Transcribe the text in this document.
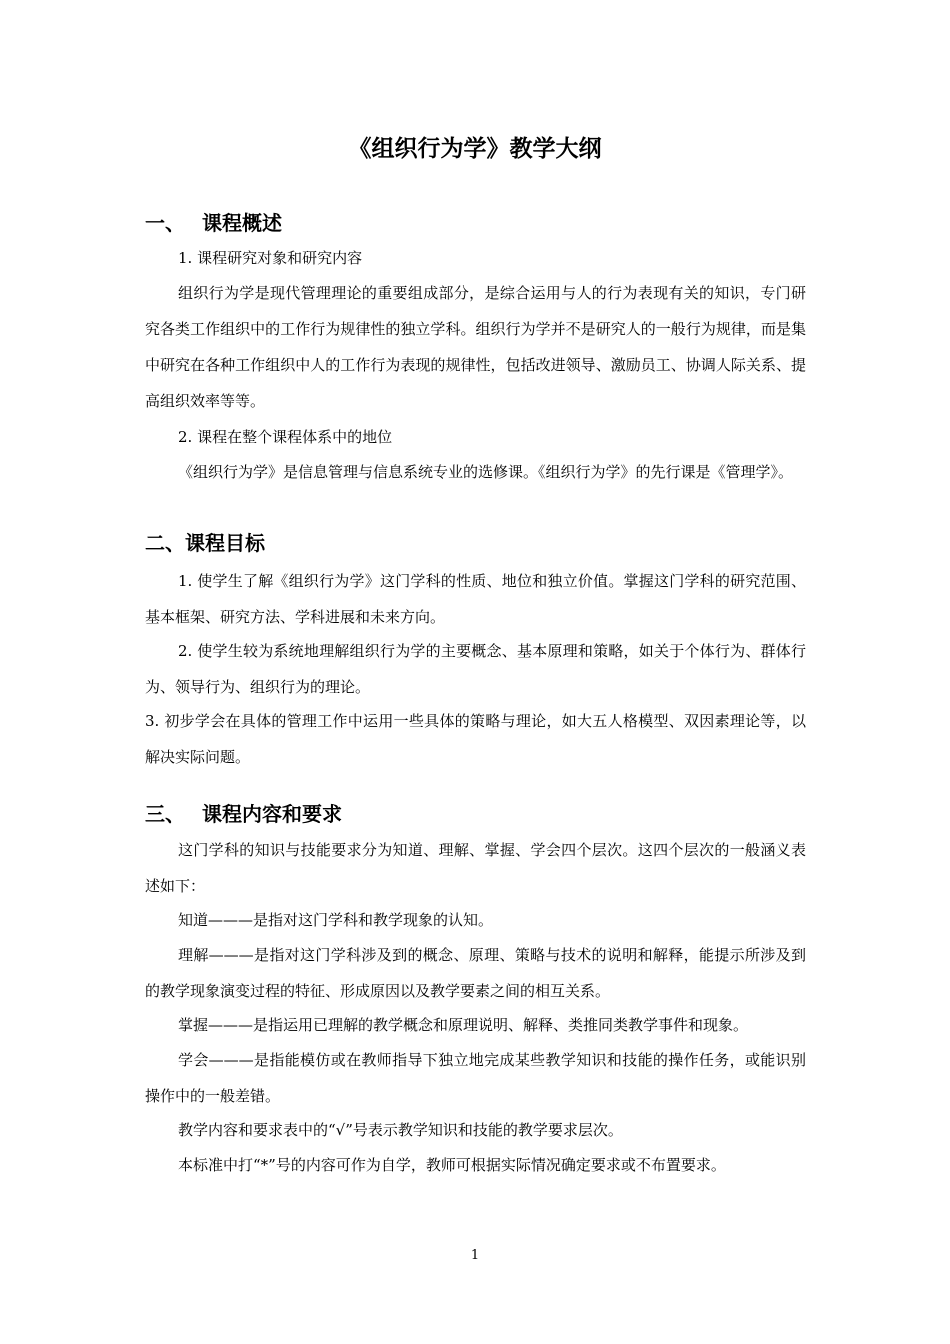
《组织行为学》教学大纲
一、 课程概述

1. 课程研究对象和研究内容

组织行为学是现代管理理论的重要组成部分，是综合运用与人的行为表现有关的知识，专门研究各类工作组织中的工作行为规律性的独立学科。组织行为学并不是研究人的一般行为规律，而是集中研究在各种工作组织中人的工作行为表现的规律性，包括改进领导、激励员工、协调人际关系、提高组织效率等等。

2. 课程在整个课程体系中的地位

《组织行为学》是信息管理与信息系统专业的选修课。《组织行为学》的先行课是《管理学》。

二、课程目标

1. 使学生了解《组织行为学》这门学科的性质、地位和独立价值。掌握这门学科的研究范围、基本框架、研究方法、学科进展和未来方向。

2. 使学生较为系统地理解组织行为学的主要概念、基本原理和策略，如关于个体行为、群体行为、领导行为、组织行为的理论。

3. 初步学会在具体的管理工作中运用一些具体的策略与理论，如大五人格模型、双因素理论等，以解决实际问题。

三、 课程内容和要求

这门学科的知识与技能要求分为知道、理解、掌握、学会四个层次。这四个层次的一般涵义表述如下：

知道———是指对这门学科和教学现象的认知。

理解———是指对这门学科涉及到的概念、原理、策略与技术的说明和解释，能提示所涉及到的教学现象演变过程的特征、形成原因以及教学要素之间的相互关系。

掌握———是指运用已理解的教学概念和原理说明、解释、类推同类教学事件和现象。

学会———是指能模仿或在教师指导下独立地完成某些教学知识和技能的操作任务，或能识别操作中的一般差错。

教学内容和要求表中的“√”号表示教学知识和技能的教学要求层次。

本标准中打“*”号的内容可作为自学，教师可根据实际情况确定要求或不布置要求。

1
